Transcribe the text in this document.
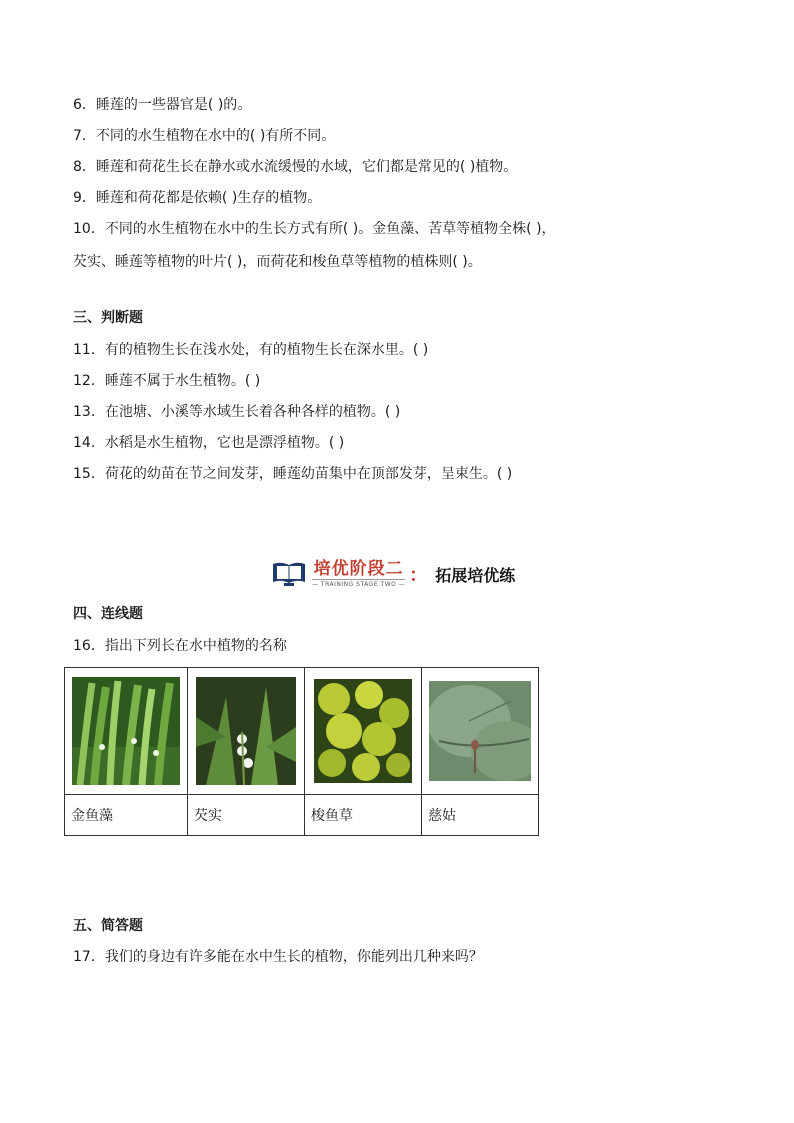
6．睡莲的一些器官是( )的。
7．不同的水生植物在水中的( )有所不同。
8．睡莲和荷花生长在静水或水流缓慢的水域，它们都是常见的( )植物。
9．睡莲和荷花都是依赖( )生存的植物。
10．不同的水生植物在水中的生长方式有所( )。金鱼藻、苦草等植物全株( )，
芡实、睡莲等植物的叶片( )，而荷花和梭鱼草等植物的植株则( )。
三、判断题
11．有的植物生长在浅水处，有的植物生长在深水里。( )
12．睡莲不属于水生植物。( )
13．在池塘、小溪等水域生长着各种各样的植物。( )
14．水稻是水生植物，它也是漂浮植物。( )
15．荷花的幼苗在节之间发芽，睡莲幼苗集中在顶部发芽，呈束生。( )
培优阶段二
— TRAINING STAGE TWO — ： 拓展培优练
四、连线题
16．指出下列长在水中植物的名称

金鱼藻	芡实	梭鱼草	慈姑
五、简答题
17．我们的身边有许多能在水中生长的植物，你能列出几种来吗？
